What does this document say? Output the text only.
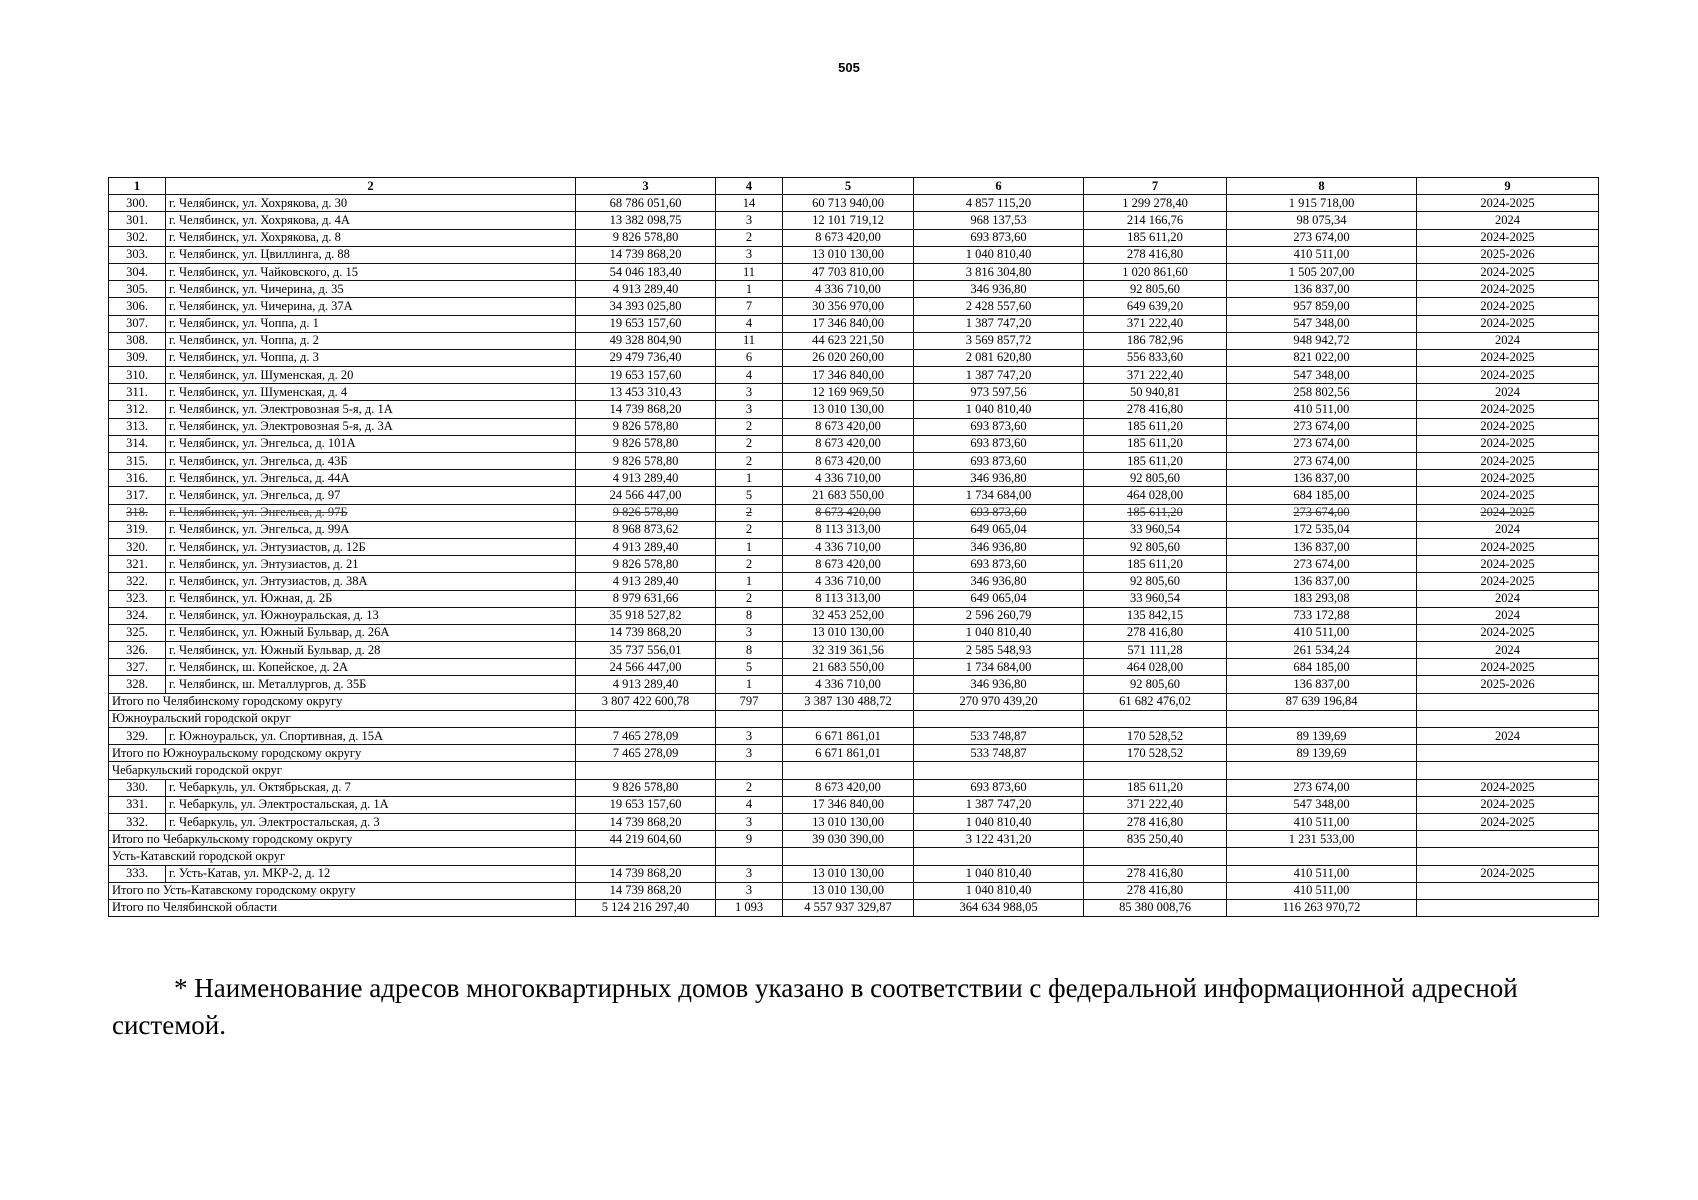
505
1	2	3	4	5	6	7	8	9
300.	г. Челябинск, ул. Хохрякова, д. 30	68 786 051,60	14	60 713 940,00	4 857 115,20	1 299 278,40	1 915 718,00	2024-2025
301.	г. Челябинск, ул. Хохрякова, д. 4А	13 382 098,75	3	12 101 719,12	968 137,53	214 166,76	98 075,34	2024
302.	г. Челябинск, ул. Хохрякова, д. 8	9 826 578,80	2	8 673 420,00	693 873,60	185 611,20	273 674,00	2024-2025
303.	г. Челябинск, ул. Цвиллинга, д. 88	14 739 868,20	3	13 010 130,00	1 040 810,40	278 416,80	410 511,00	2025-2026
304.	г. Челябинск, ул. Чайковского, д. 15	54 046 183,40	11	47 703 810,00	3 816 304,80	1 020 861,60	1 505 207,00	2024-2025
305.	г. Челябинск, ул. Чичерина, д. 35	4 913 289,40	1	4 336 710,00	346 936,80	92 805,60	136 837,00	2024-2025
306.	г. Челябинск, ул. Чичерина, д. 37А	34 393 025,80	7	30 356 970,00	2 428 557,60	649 639,20	957 859,00	2024-2025
307.	г. Челябинск, ул. Чоппа, д. 1	19 653 157,60	4	17 346 840,00	1 387 747,20	371 222,40	547 348,00	2024-2025
308.	г. Челябинск, ул. Чоппа, д. 2	49 328 804,90	11	44 623 221,50	3 569 857,72	186 782,96	948 942,72	2024
309.	г. Челябинск, ул. Чоппа, д. 3	29 479 736,40	6	26 020 260,00	2 081 620,80	556 833,60	821 022,00	2024-2025
310.	г. Челябинск, ул. Шуменская, д. 20	19 653 157,60	4	17 346 840,00	1 387 747,20	371 222,40	547 348,00	2024-2025
311.	г. Челябинск, ул. Шуменская, д. 4	13 453 310,43	3	12 169 969,50	973 597,56	50 940,81	258 802,56	2024
312.	г. Челябинск, ул. Электровозная 5-я, д. 1А	14 739 868,20	3	13 010 130,00	1 040 810,40	278 416,80	410 511,00	2024-2025
313.	г. Челябинск, ул. Электровозная 5-я, д. 3А	9 826 578,80	2	8 673 420,00	693 873,60	185 611,20	273 674,00	2024-2025
314.	г. Челябинск, ул. Энгельса, д. 101А	9 826 578,80	2	8 673 420,00	693 873,60	185 611,20	273 674,00	2024-2025
315.	г. Челябинск, ул. Энгельса, д. 43Б	9 826 578,80	2	8 673 420,00	693 873,60	185 611,20	273 674,00	2024-2025
316.	г. Челябинск, ул. Энгельса, д. 44А	4 913 289,40	1	4 336 710,00	346 936,80	92 805,60	136 837,00	2024-2025
317.	г. Челябинск, ул. Энгельса, д. 97	24 566 447,00	5	21 683 550,00	1 734 684,00	464 028,00	684 185,00	2024-2025
318.	г. Челябинск, ул. Энгельса, д. 97Б	9 826 578,80	2	8 673 420,00	693 873,60	185 611,20	273 674,00	2024-2025
319.	г. Челябинск, ул. Энгельса, д. 99А	8 968 873,62	2	8 113 313,00	649 065,04	33 960,54	172 535,04	2024
320.	г. Челябинск, ул. Энтузиастов, д. 12Б	4 913 289,40	1	4 336 710,00	346 936,80	92 805,60	136 837,00	2024-2025
321.	г. Челябинск, ул. Энтузиастов, д. 21	9 826 578,80	2	8 673 420,00	693 873,60	185 611,20	273 674,00	2024-2025
322.	г. Челябинск, ул. Энтузиастов, д. 38А	4 913 289,40	1	4 336 710,00	346 936,80	92 805,60	136 837,00	2024-2025
323.	г. Челябинск, ул. Южная, д. 2Б	8 979 631,66	2	8 113 313,00	649 065,04	33 960,54	183 293,08	2024
324.	г. Челябинск, ул. Южноуральская, д. 13	35 918 527,82	8	32 453 252,00	2 596 260,79	135 842,15	733 172,88	2024
325.	г. Челябинск, ул. Южный Бульвар, д. 26А	14 739 868,20	3	13 010 130,00	1 040 810,40	278 416,80	410 511,00	2024-2025
326.	г. Челябинск, ул. Южный Бульвар, д. 28	35 737 556,01	8	32 319 361,56	2 585 548,93	571 111,28	261 534,24	2024
327.	г. Челябинск, ш. Копейское, д. 2А	24 566 447,00	5	21 683 550,00	1 734 684,00	464 028,00	684 185,00	2024-2025
328.	г. Челябинск, ш. Металлургов, д. 35Б	4 913 289,40	1	4 336 710,00	346 936,80	92 805,60	136 837,00	2025-2026
Итого по Челябинскому городскому округу		3 807 422 600,78	797	3 387 130 488,72	270 970 439,20	61 682 476,02	87 639 196,84	
Южноуральский городской округ								
329.	г. Южноуральск, ул. Спортивная, д. 15А	7 465 278,09	3	6 671 861,01	533 748,87	170 528,52	89 139,69	2024
Итого по Южноуральскому городскому округу		7 465 278,09	3	6 671 861,01	533 748,87	170 528,52	89 139,69	
Чебаркульский городской округ								
330.	г. Чебаркуль, ул. Октябрьская, д. 7	9 826 578,80	2	8 673 420,00	693 873,60	185 611,20	273 674,00	2024-2025
331.	г. Чебаркуль, ул. Электростальская, д. 1А	19 653 157,60	4	17 346 840,00	1 387 747,20	371 222,40	547 348,00	2024-2025
332.	г. Чебаркуль, ул. Электростальская, д. 3	14 739 868,20	3	13 010 130,00	1 040 810,40	278 416,80	410 511,00	2024-2025
Итого по Чебаркульскому городскому округу		44 219 604,60	9	39 030 390,00	3 122 431,20	835 250,40	1 231 533,00	
Усть-Катавский городской округ								
333.	г. Усть-Катав, ул. МКР-2, д. 12	14 739 868,20	3	13 010 130,00	1 040 810,40	278 416,80	410 511,00	2024-2025
Итого по Усть-Катавскому городскому округу		14 739 868,20	3	13 010 130,00	1 040 810,40	278 416,80	410 511,00	
Итого по Челябинской области		5 124 216 297,40	1 093	4 557 937 329,87	364 634 988,05	85 380 008,76	116 263 970,72	
* Наименование адресов многоквартирных домов указано в соответствии с федеральной информационной адресной системой.
